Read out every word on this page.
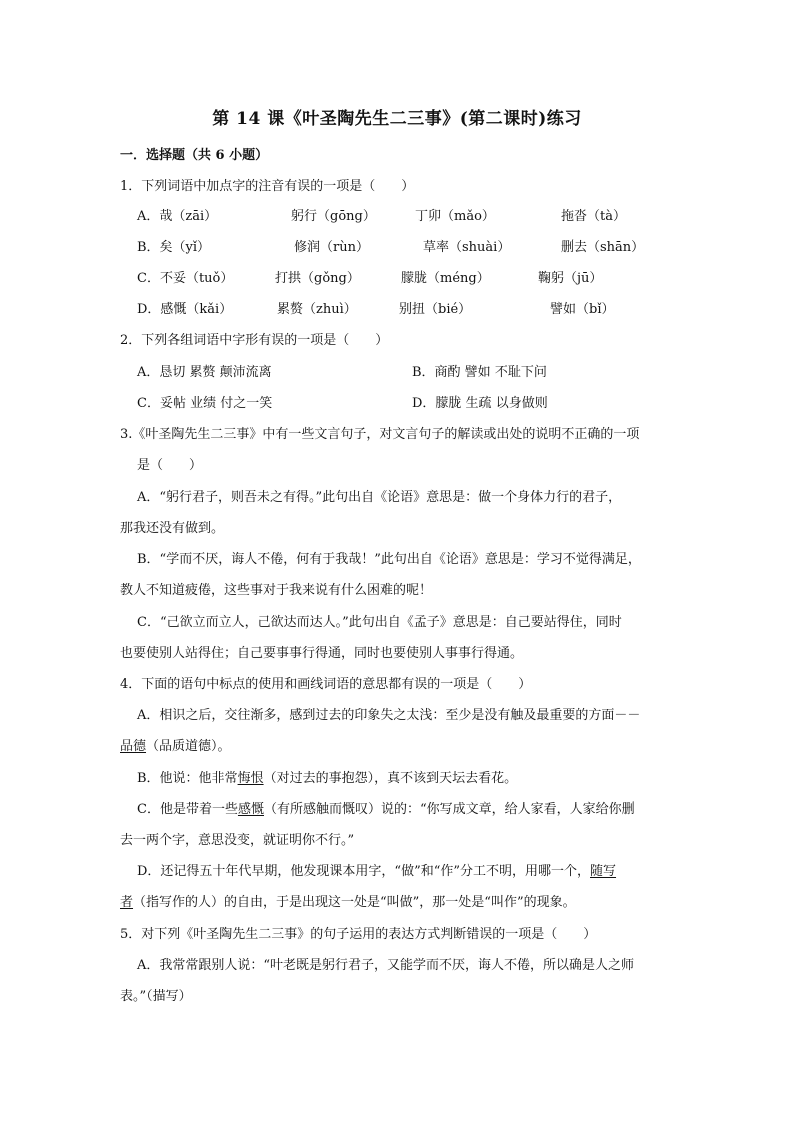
第 14 课《叶圣陶先生二三事》(第二课时)练习
一．选择题（共 6 小题）
1．下列词语中加点字的注音有误的一项是（　　）
A．哉（zāi）	躬行（gōng）	丁卯（mǎo）	拖沓（tà）
B．矣（yǐ）	修润（rùn）	草率（shuài）	删去（shān）
C．不妥（tuǒ）	打拱（gǒng）	朦胧（méng）	鞠躬（jū）
D．感慨（kǎi）	累赘（zhuì）	别扭（bié）	譬如（bǐ）
2．下列各组词语中字形有误的一项是（　　）
A．恳切 累赘 颠沛流离	B．商酌 譬如 不耻下问
C．妥帖 业绩 付之一笑	D．朦胧 生疏 以身做则
3.《叶圣陶先生二三事》中有一些文言句子，对文言句子的解读或出处的说明不正确的一项
是（　　）
A．“躬行君子，则吾未之有得。”此句出自《论语》意思是：做一个身体力行的君子，
那我还没有做到。
B．“学而不厌，诲人不倦，何有于我哉！”此句出自《论语》意思是：学习不觉得满足，
教人不知道疲倦，这些事对于我来说有什么困难的呢！
C．“己欲立而立人，己欲达而达人。”此句出自《孟子》意思是：自己要站得住，同时
也要使别人站得住；自己要事事行得通，同时也要使别人事事行得通。
4．下面的语句中标点的使用和画线词语的意思都有误的一项是（　　）
A．相识之后，交往渐多，感到过去的印象失之太浅：至少是没有触及最重要的方面－－
品德（品质道德）。
B．他说：他非常悔恨（对过去的事抱怨），真不该到天坛去看花。
C．他是带着一些感慨（有所感触而慨叹）说的：“你写成文章，给人家看，人家给你删
去一两个字，意思没变，就证明你不行。”
D．还记得五十年代早期，他发现课本用字，“做”和“作”分工不明，用哪一个，随写
者（指写作的人）的自由，于是出现这一处是“叫做”，那一处是“叫作”的现象。
5．对下列《叶圣陶先生二三事》的句子运用的表达方式判断错误的一项是（　　）
A．我常常跟别人说：“叶老既是躬行君子，又能学而不厌，诲人不倦，所以确是人之师
表。”（描写）
